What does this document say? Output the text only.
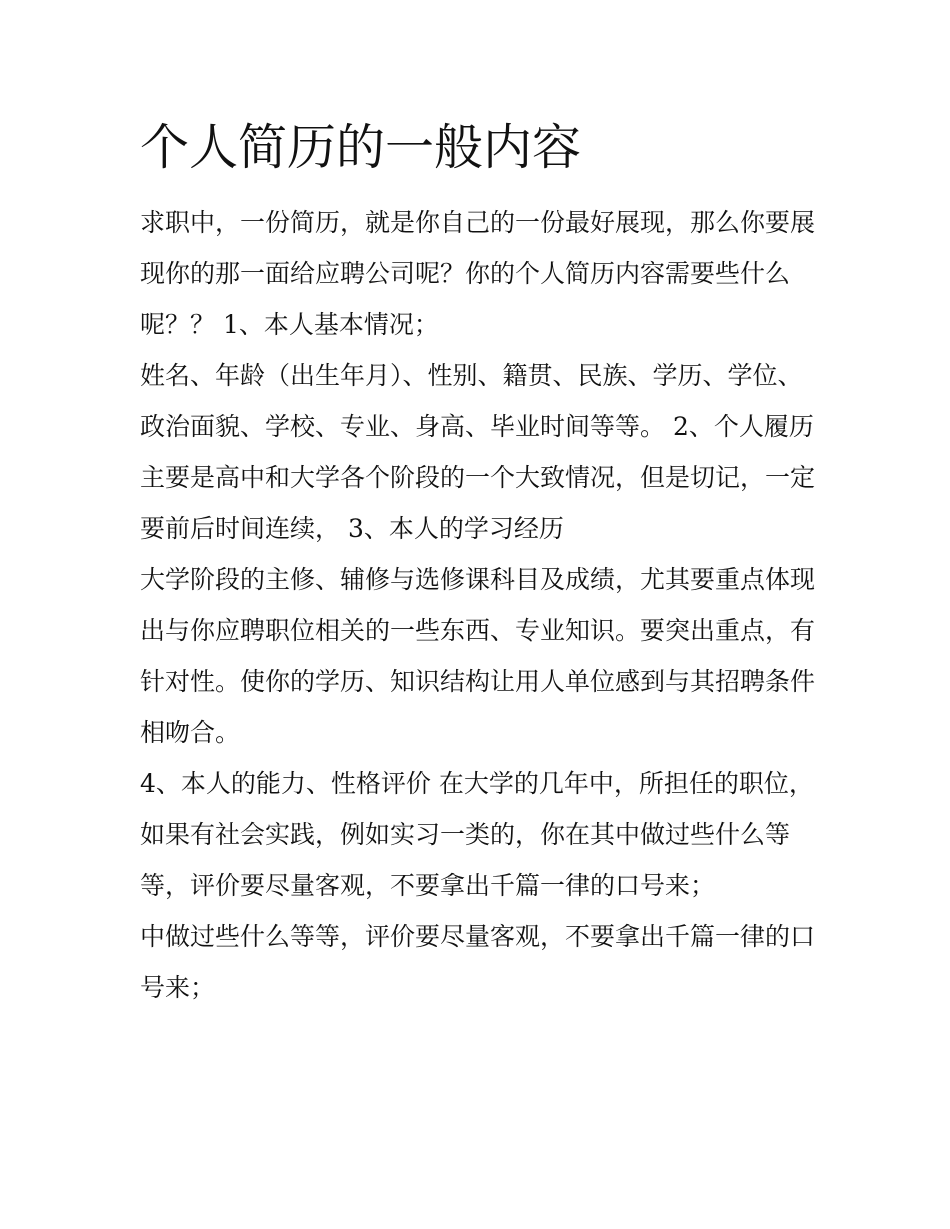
个人简历的一般内容

求职中，一份简历，就是你自己的一份最好展现，那么你要展

现你的那一面给应聘公司呢？你的个人简历内容需要些什么

呢？？ 1、本人基本情况；

姓名、年龄（出生年月）、性别、籍贯、民族、学历、学位、

政治面貌、学校、专业、身高、毕业时间等等。 2、个人履历

主要是高中和大学各个阶段的一个大致情况，但是切记，一定

要前后时间连续， 3、本人的学习经历

大学阶段的主修、辅修与选修课科目及成绩，尤其要重点体现

出与你应聘职位相关的一些东西、专业知识。要突出重点，有

针对性。使你的学历、知识结构让用人单位感到与其招聘条件

相吻合。

4、本人的能力、性格评价 在大学的几年中，所担任的职位，

如果有社会实践，例如实习一类的，你在其中做过些什么等

等，评价要尽量客观，不要拿出千篇一律的口号来；

中做过些什么等等，评价要尽量客观，不要拿出千篇一律的口

号来；
